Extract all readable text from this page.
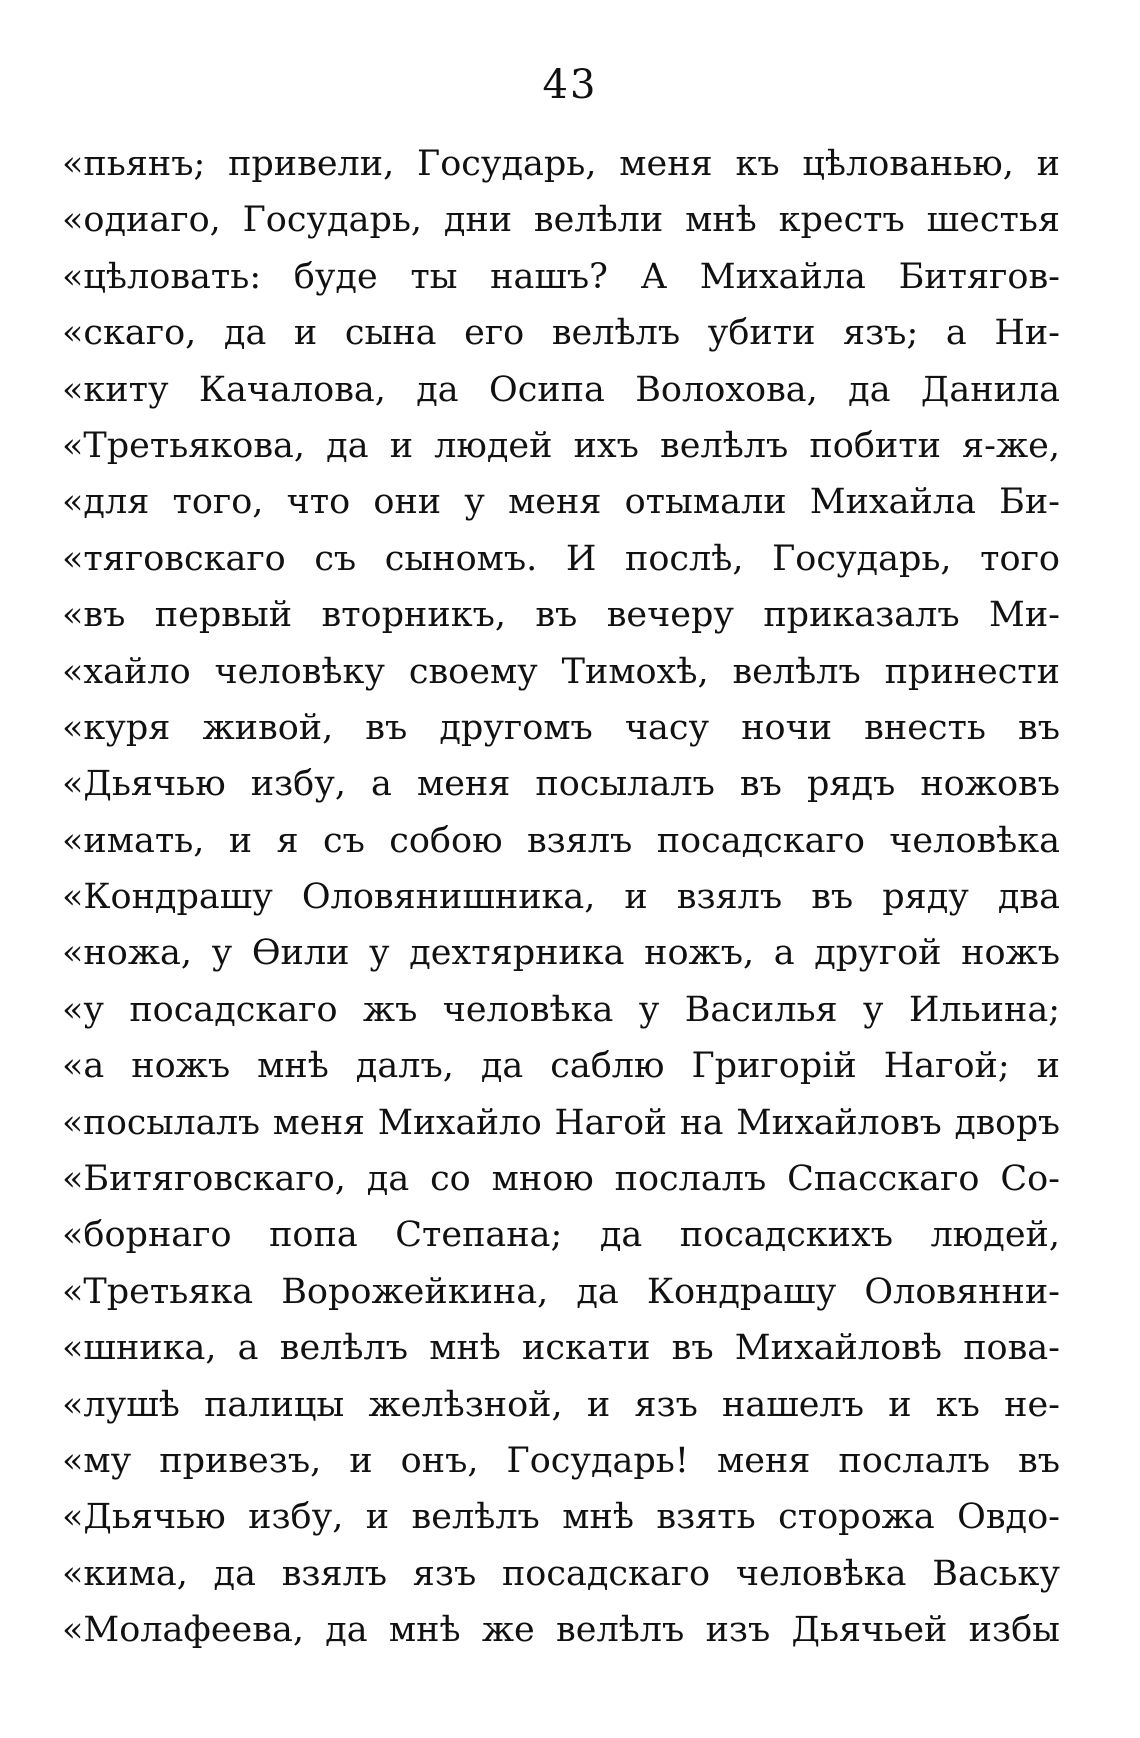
43
«пьянъ; привели, Государь, меня къ цѣлованью, и
«одиаго, Государь, дни велѣли мнѣ крестъ шестья
«цѣловать: буде ты нашъ? А Михайла Битягов-
«скаго, да и сына его велѣлъ убити язъ; а Ни-
«киту Качалова, да Осипа Волохова, да Данила
«Третьякова, да и людей ихъ велѣлъ побити я-же,
«для того, что они у меня отымали Михайла Би-
«тяговскаго съ сыномъ. И послѣ, Государь, того
«въ первый вторникъ, въ вечеру приказалъ Ми-
«хайло человѣку своему Тимохѣ, велѣлъ принести
«куря живой, въ другомъ часу ночи внесть въ
«Дьячью избу, а меня посылалъ въ рядъ ножовъ
«имать, и я съ собою взялъ посадскаго человѣка
«Кондрашу Оловянишника, и взялъ въ ряду два
«ножа, у Ѳили у дехтярника ножъ, а другой ножъ
«у посадскаго жъ человѣка у Василья у Ильина;
«а ножъ мнѣ далъ, да саблю Григорій Нагой; и
«посылалъ меня Михайло Нагой на Михайловъ дворъ
«Битяговскаго, да со мною послалъ Спасскаго Со-
«борнаго попа Степана; да посадскихъ людей,
«Третьяка Ворожейкина, да Кондрашу Оловянни-
«шника, а велѣлъ мнѣ искати въ Михайловѣ пова-
«лушѣ палицы желѣзной, и язъ нашелъ и къ не-
«му привезъ, и онъ, Государь! меня послалъ въ
«Дьячью избу, и велѣлъ мнѣ взять сторожа Овдо-
«кима, да взялъ язъ посадскаго человѣка Ваську
«Молафеева, да мнѣ же велѣлъ изъ Дьячьей избы
